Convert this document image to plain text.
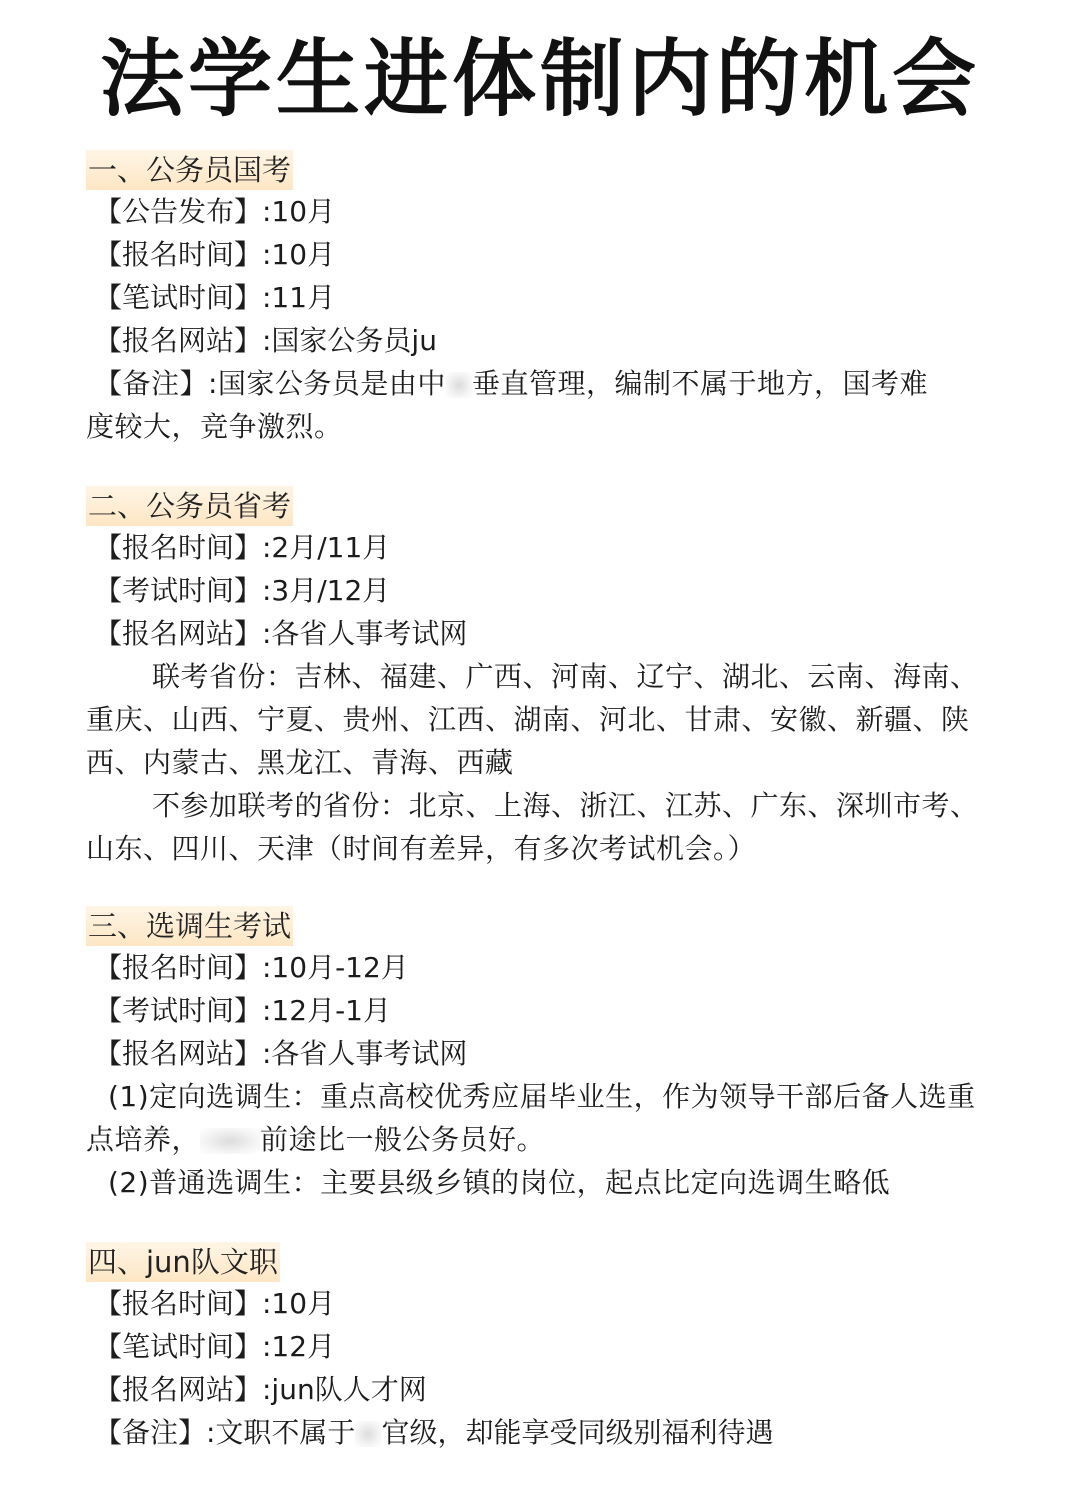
法学生进体制内的机会
一、公务员国考
【公告发布】:10月
【报名时间】:10月
【笔试时间】:11月
【报名网站】:国家公务员ju
【备注】:国家公务员是由中 垂直管理，编制不属于地方，国考难
度较大，竞争激烈。
二、公务员省考
【报名时间】:2月/11月
【考试时间】:3月/12月
【报名网站】:各省人事考试网
联考省份：吉林、福建、广西、河南、辽宁、湖北、云南、海南、重庆、山西、宁夏、贵州、江西、湖南、河北、甘肃、安徽、新疆、陕西、内蒙古、黑龙江、青海、西藏
不参加联考的省份：北京、上海、浙江、江苏、广东、深圳市考、山东、四川、天津（时间有差异，有多次考试机会。）
三、选调生考试
【报名时间】:10月-12月
【考试时间】:12月-1月
【报名网站】:各省人事考试网
(1)定向选调生：重点高校优秀应届毕业生，作为领导干部后备人选重点培养， 前途比一般公务员好。
(2)普通选调生：主要县级乡镇的岗位，起点比定向选调生略低
四、jun队文职
【报名时间】:10月
【笔试时间】:12月
【报名网站】:jun队人才网
【备注】:文职不属于 官级，却能享受同级别福利待遇
